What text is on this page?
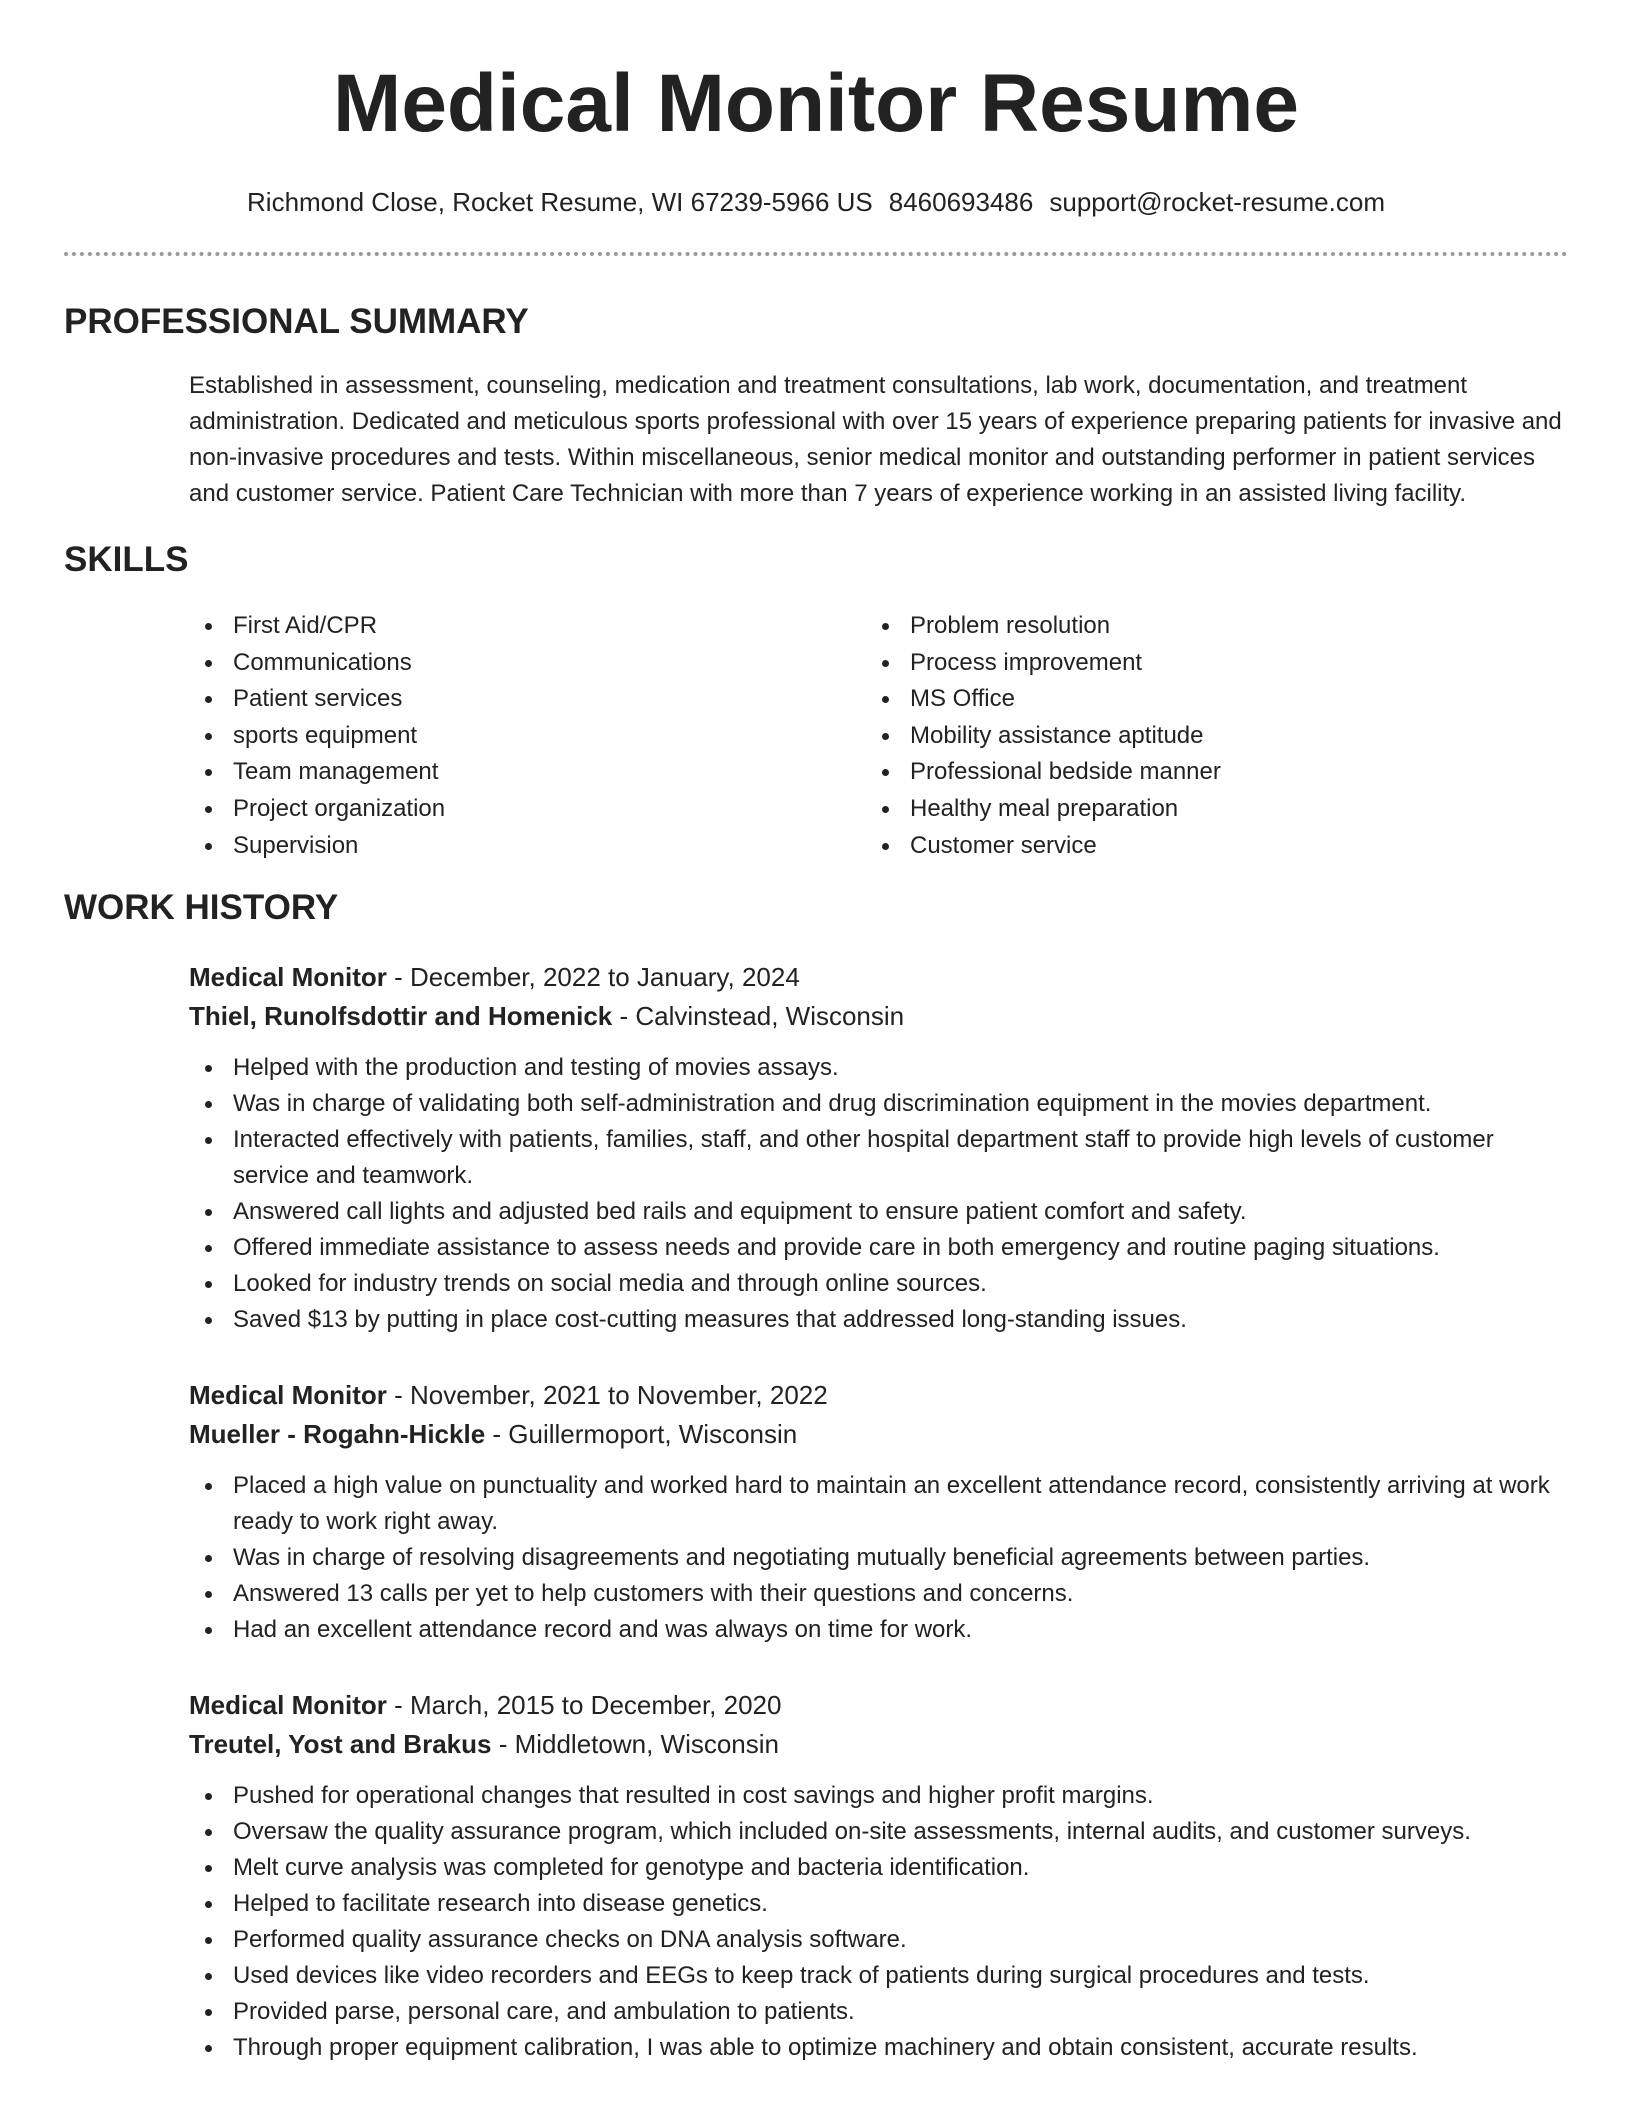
Medical Monitor Resume
Richmond Close, Rocket Resume, WI 67239-5966 US 8460693486 support@rocket-resume.com
PROFESSIONAL SUMMARY
Established in assessment, counseling, medication and treatment consultations, lab work, documentation, and treatment administration. Dedicated and meticulous sports professional with over 15 years of experience preparing patients for invasive and non-invasive procedures and tests. Within miscellaneous, senior medical monitor and outstanding performer in patient services and customer service. Patient Care Technician with more than 7 years of experience working in an assisted living facility.
SKILLS
First Aid/CPR
Communications
Patient services
sports equipment
Team management
Project organization
Supervision
Problem resolution
Process improvement
MS Office
Mobility assistance aptitude
Professional bedside manner
Healthy meal preparation
Customer service
WORK HISTORY
Medical Monitor - December, 2022 to January, 2024
Thiel, Runolfsdottir and Homenick - Calvinstead, Wisconsin
Helped with the production and testing of movies assays.
Was in charge of validating both self-administration and drug discrimination equipment in the movies department.
Interacted effectively with patients, families, staff, and other hospital department staff to provide high levels of customer service and teamwork.
Answered call lights and adjusted bed rails and equipment to ensure patient comfort and safety.
Offered immediate assistance to assess needs and provide care in both emergency and routine paging situations.
Looked for industry trends on social media and through online sources.
Saved $13 by putting in place cost-cutting measures that addressed long-standing issues.
Medical Monitor - November, 2021 to November, 2022
Mueller - Rogahn-Hickle - Guillermoport, Wisconsin
Placed a high value on punctuality and worked hard to maintain an excellent attendance record, consistently arriving at work ready to work right away.
Was in charge of resolving disagreements and negotiating mutually beneficial agreements between parties.
Answered 13 calls per yet to help customers with their questions and concerns.
Had an excellent attendance record and was always on time for work.
Medical Monitor - March, 2015 to December, 2020
Treutel, Yost and Brakus - Middletown, Wisconsin
Pushed for operational changes that resulted in cost savings and higher profit margins.
Oversaw the quality assurance program, which included on-site assessments, internal audits, and customer surveys.
Melt curve analysis was completed for genotype and bacteria identification.
Helped to facilitate research into disease genetics.
Performed quality assurance checks on DNA analysis software.
Used devices like video recorders and EEGs to keep track of patients during surgical procedures and tests.
Provided parse, personal care, and ambulation to patients.
Through proper equipment calibration, I was able to optimize machinery and obtain consistent, accurate results.
